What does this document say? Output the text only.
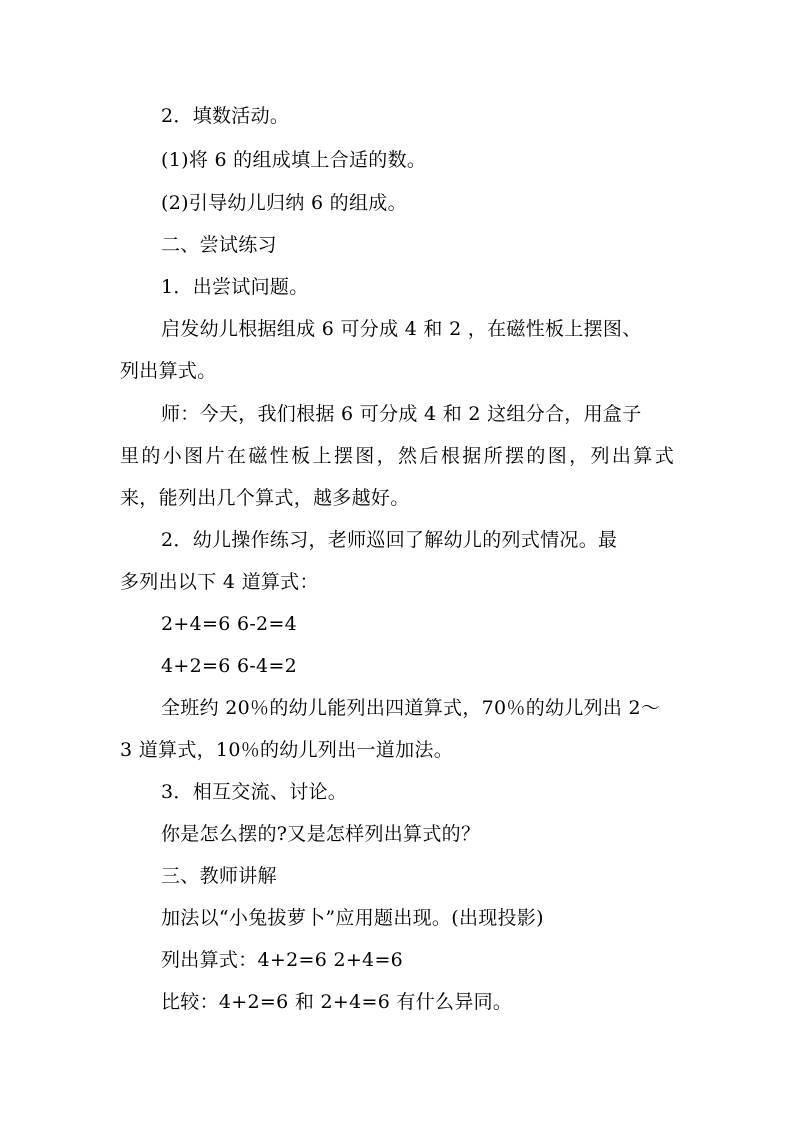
2．填数活动。
(1)将 6 的组成填上合适的数。
(2)引导幼儿归纳 6 的组成。
二、尝试练习
1．出尝试问题。
启发幼儿根据组成 6 可分成 4 和 2 ，在磁性板上摆图、
列出算式。
师：今天，我们根据 6 可分成 4 和 2 这组分合，用盒子
里的小图片在磁性板上摆图，然后根据所摆的图，列出算式
来，能列出几个算式，越多越好。
2．幼儿操作练习，老师巡回了解幼儿的列式情况。最
多列出以下 4 道算式：
2+4=6 6-2=4
4+2=6 6-4=2
全班约 20％的幼儿能列出四道算式，70％的幼儿列出 2～
3 道算式，10％的幼儿列出一道加法。
3．相互交流、讨论。
你是怎么摆的?又是怎样列出算式的？
三、教师讲解
加法以“小兔拔萝卜”应用题出现。(出现投影)
列出算式：4+2=6 2+4=6
比较：4+2=6 和 2+4=6 有什么异同。
